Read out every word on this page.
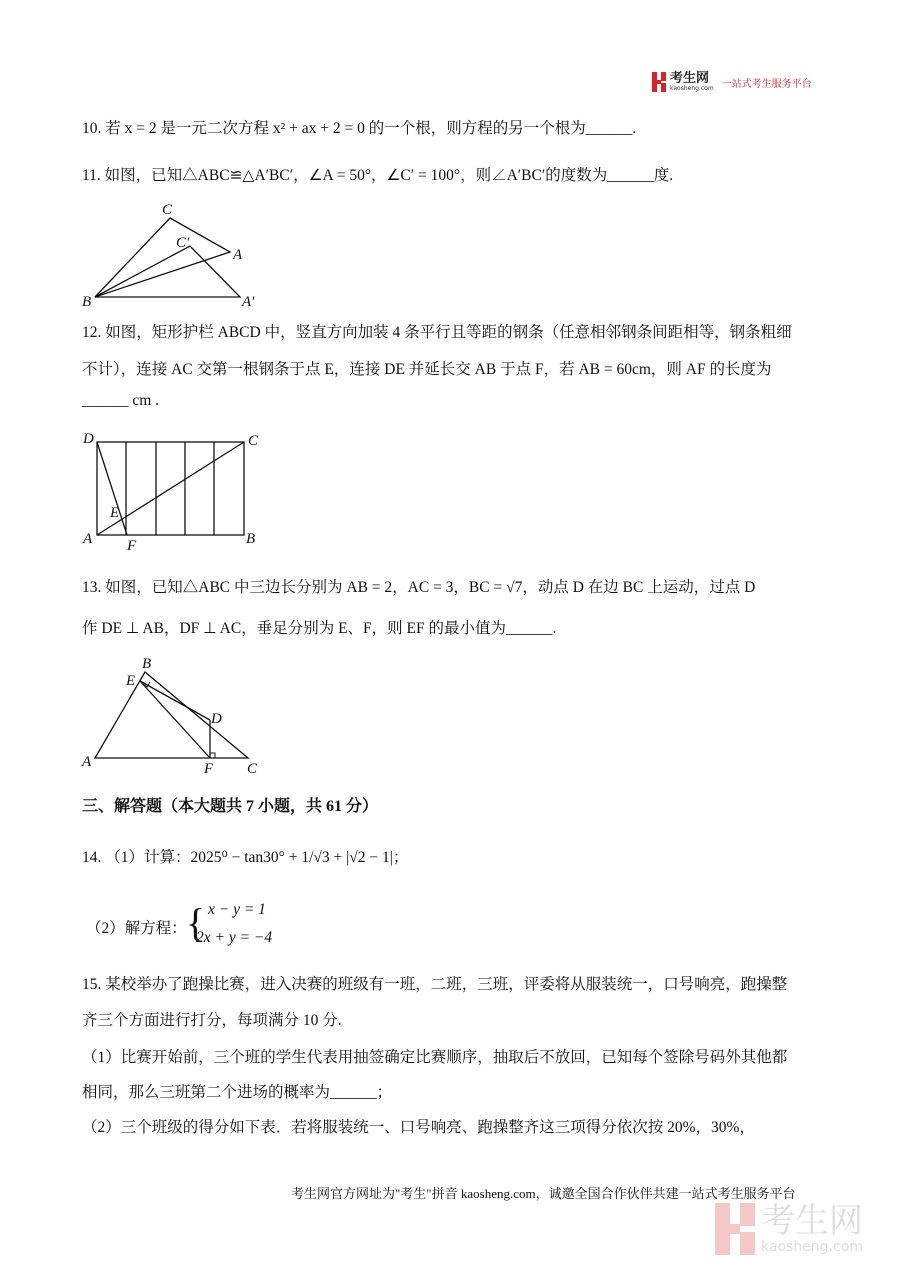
考生网
kaosheng.com 一站式考生服务平台
10. 若 x = 2 是一元二次方程 x² + ax + 2 = 0 的一个根，则方程的另一个根为______.
11. 如图，已知△ABC≌△A′BC′，∠A = 50°，∠C′ = 100°，则∠A′BC′的度数为______度.
C
C′
A
B	A′
D	C
A	B
E
F
B
E
D
A	F C
12. 如图，矩形护栏 ABCD 中，竖直方向加装 4 条平行且等距的钢条（任意相邻钢条间距相等，钢条粗细
不计），连接 AC 交第一根钢条于点 E，连接 DE 并延长交 AB 于点 F，若 AB = 60cm，则 AF 的长度为
______ cm .
13. 如图，已知△ABC 中三边长分别为 AB = 2，AC = 3，BC = √7，动点 D 在边 BC 上运动，过点 D
作 DE ⊥ AB，DF ⊥ AC，垂足分别为 E、F，则 EF 的最小值为______.
三、解答题（本大题共 7 小题，共 61 分）
14. （1）计算：2025⁰ − tan30° + 1/√3 + |√2 − 1|；
（2）解方程： { x − y = 1
2x + y = −4
15. 某校举办了跑操比赛，进入决赛的班级有一班，二班，三班，评委将从服装统一，口号响亮，跑操整
齐三个方面进行打分，每项满分 10 分.
（1）比赛开始前，三个班的学生代表用抽签确定比赛顺序，抽取后不放回，已知每个签除号码外其他都
相同，那么三班第二个进场的概率为______；
（2）三个班级的得分如下表．若将服装统一、口号响亮、跑操整齐这三项得分依次按 20%，30%，
考生网官方网址为"考生"拼音 kaosheng.com，诚邀全国合作伙伴共建一站式考生服务平台
考生网
kaosheng.com
